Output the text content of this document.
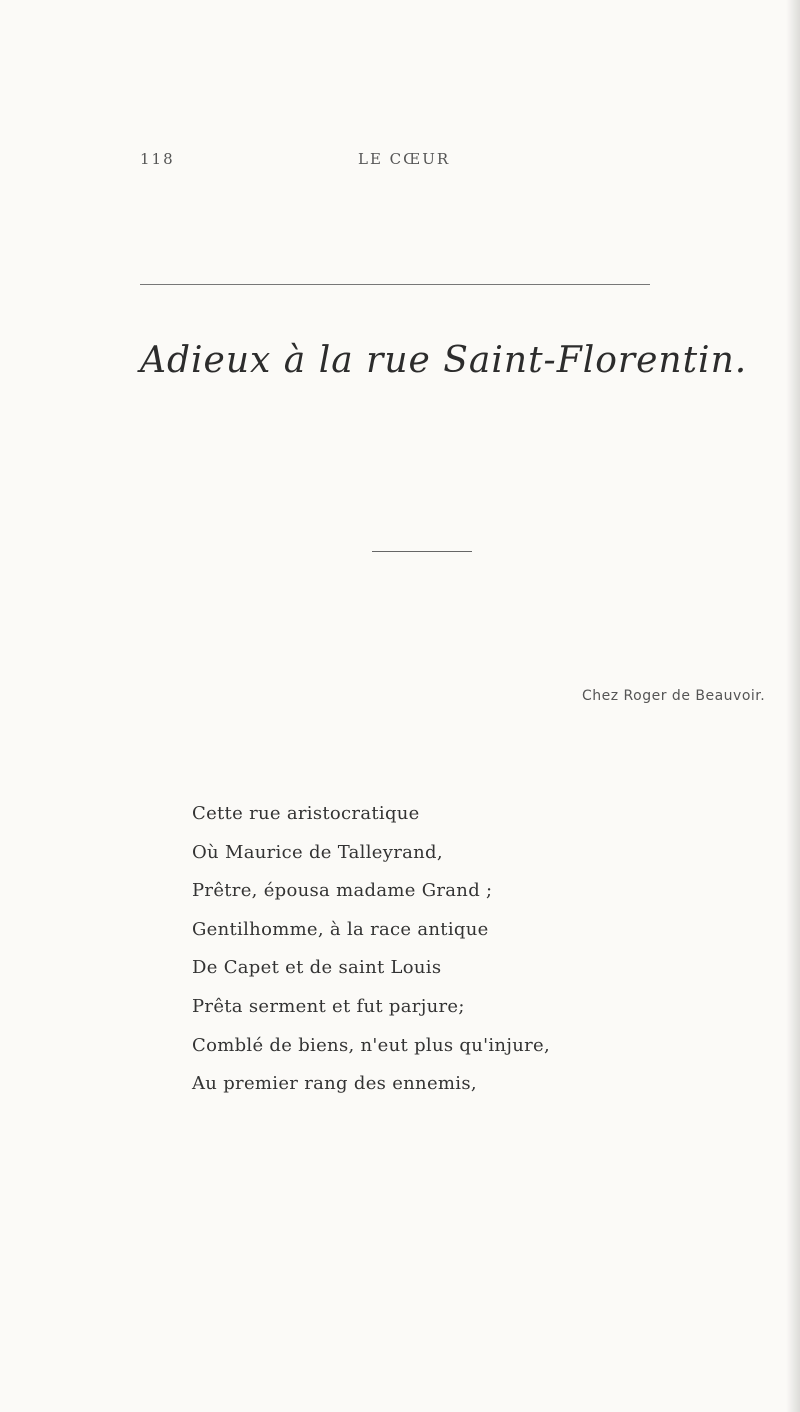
118	LE CŒUR
Adieux à la rue Saint-Florentin.
Chez Roger de Beauvoir.
Cette rue aristocratique
Où Maurice de Talleyrand,
Prêtre, épousa madame Grand ;
Gentilhomme, à la race antique
De Capet et de saint Louis
Prêta serment et fut parjure;
Comblé de biens, n'eut plus qu'injure,
Au premier rang des ennemis,
